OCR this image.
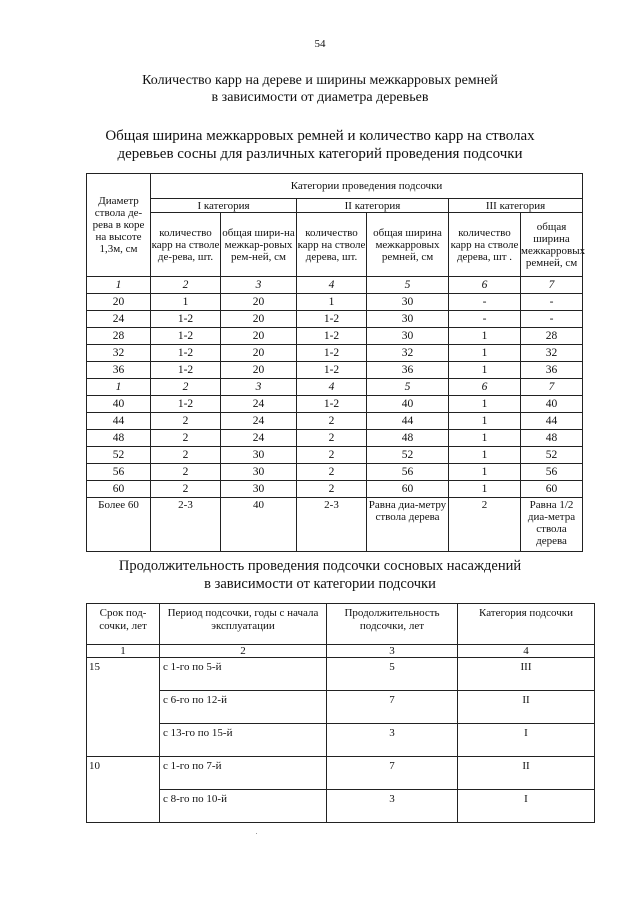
54
Количество карр на дереве и ширины межкарровых ремней
в зависимости от диаметра деревьев
Общая ширина межкарровых ремней и количество карр на стволах
деревьев сосны для различных категорий проведения подсочки
Диаметр ствола де-рева в коре на высоте 1,3м, см	Категории проведения подсочки					
	I категория		II категория		III категория	
	количество карр на стволе де-рева, шт.	общая шири-на межкар-ровых рем-ней, см	количество карр на стволе дерева, шт.	общая ширина межкарровых ремней, см	количество карр на стволе дерева, шт .	общая ширина межкарровых ремней, см
1	2	3	4	5	6	7
20	1	20	1	30	-	-
24	1-2	20	1-2	30	-	-
28	1-2	20	1-2	30	1	28
32	1-2	20	1-2	32	1	32
36	1-2	20	1-2	36	1	36
1	2	3	4	5	6	7
40	1-2	24	1-2	40	1	40
44	2	24	2	44	1	44
48	2	24	2	48	1	48
52	2	30	2	52	1	52
56	2	30	2	56	1	56
60	2	30	2	60	1	60
Более 60	2-3	40	2-3	Равна диа-метру ствола дерева	2	Равна 1/2 диа-метра ствола дерева
Продолжительность проведения подсочки сосновых насаждений
в зависимости от категории подсочки
Срок под-сочки, лет	Период подсочки, годы с начала эксплуатации	Продолжительность подсочки, лет	Категория подсочки
1	2	3	4
15	с 1-го по 5-й	5	III
	с 6-го по 12-й	7	II
	с 13-го по 15-й	3	I
10	с 1-го по 7-й	7	II
	с 8-го по 10-й	3	I
